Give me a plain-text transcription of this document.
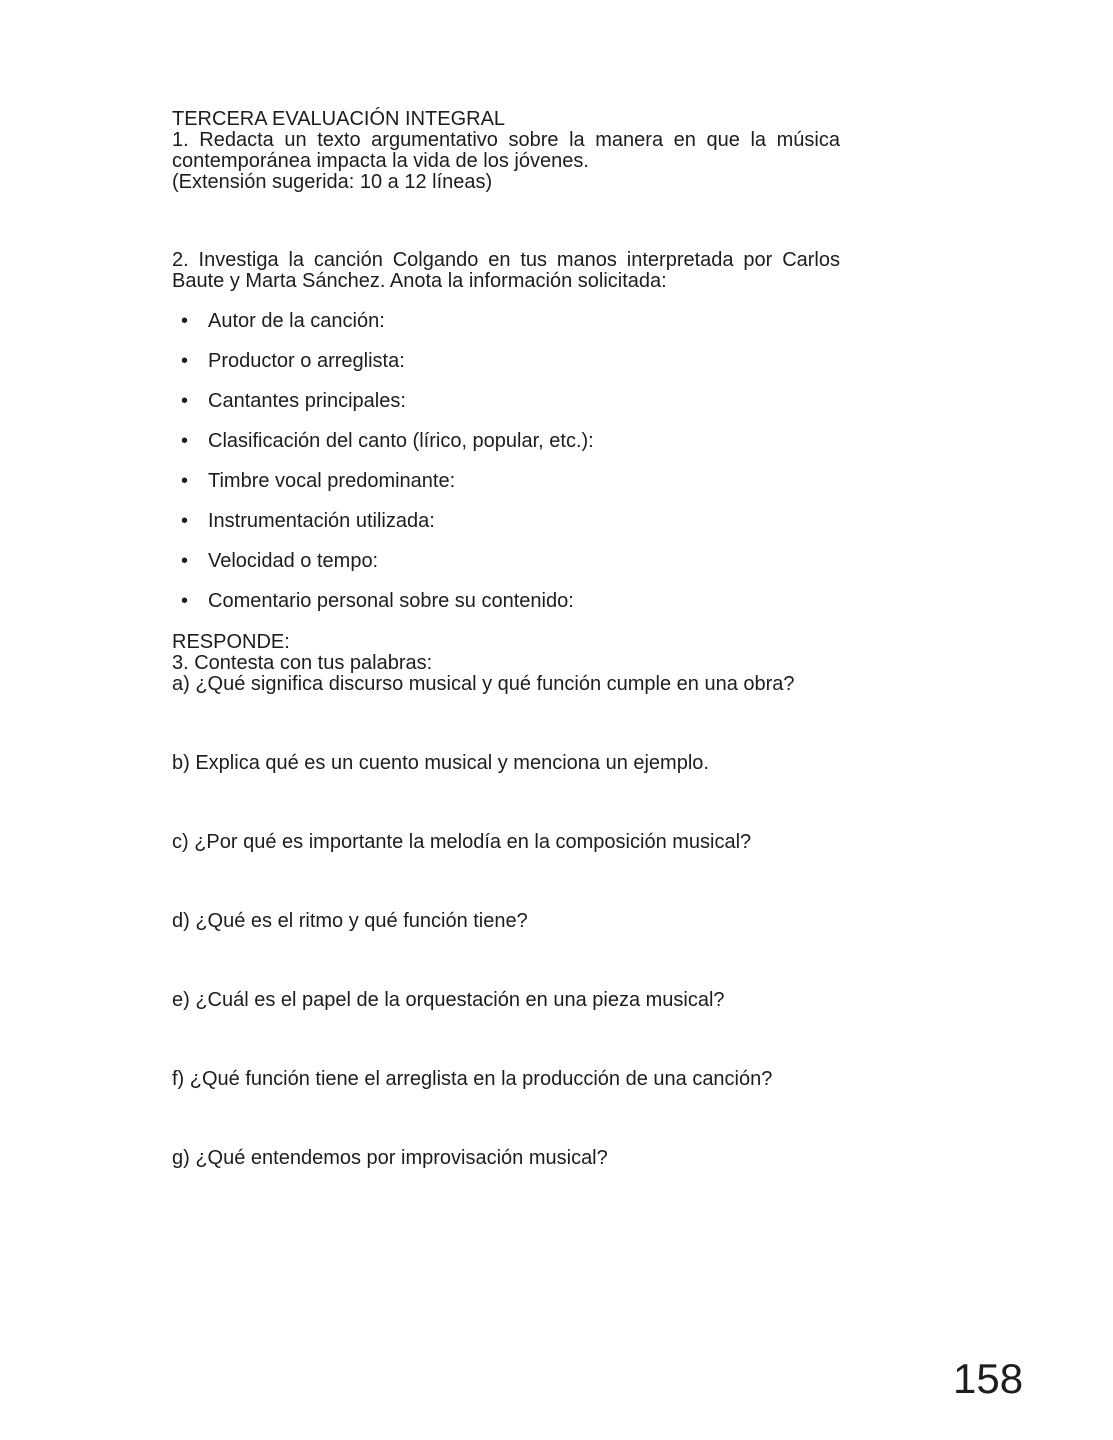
TERCERA EVALUACIÓN INTEGRAL

1. Redacta un texto argumentativo sobre la manera en que la música contemporánea impacta la vida de los jóvenes.

(Extensión sugerida: 10 a 12 líneas)

2. Investiga la canción Colgando en tus manos interpretada por Carlos Baute y Marta Sánchez. Anota la información solicitada:

• Autor de la canción:
• Productor o arreglista:
• Cantantes principales:
• Clasificación del canto (lírico, popular, etc.):
• Timbre vocal predominante:
• Instrumentación utilizada:
• Velocidad o tempo:
• Comentario personal sobre su contenido:

RESPONDE:

3. Contesta con tus palabras:

a) ¿Qué significa discurso musical y qué función cumple en una obra?

b) Explica qué es un cuento musical y menciona un ejemplo.

c) ¿Por qué es importante la melodía en la composición musical?

d) ¿Qué es el ritmo y qué función tiene?

e) ¿Cuál es el papel de la orquestación en una pieza musical?

f) ¿Qué función tiene el arreglista en la producción de una canción?

g) ¿Qué entendemos por improvisación musical?

158
